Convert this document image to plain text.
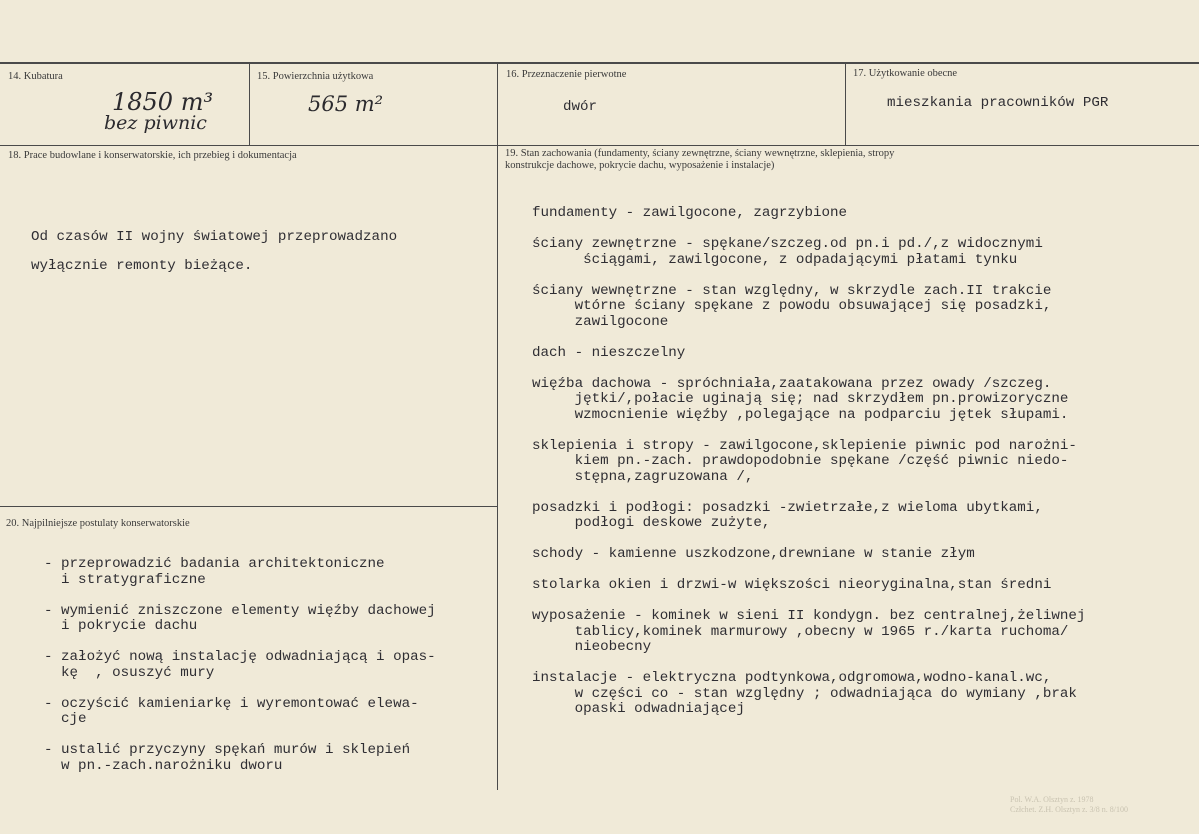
14. Kubatura
1850 m³
bez piwnic
15. Powierzchnia użytkowa
565 m²
16. Przeznaczenie pierwotne
dwór
17. Użytkowanie obecne
mieszkania pracowników PGR
18. Prace budowlane i konserwatorskie, ich przebieg i dokumentacja
Od czasów II wojny światowej przeprowadzano
wyłącznie remonty bieżące.
19. Stan zachowania (fundamenty, ściany zewnętrzne, ściany wewnętrzne, sklepienia, stropy
konstrukcje dachowe, pokrycie dachu, wyposażenie i instalacje)
fundamenty - zawilgocone, zagrzybione

ściany zewnętrzne - spękane/szczeg.od pn.i pd./,z widocznymi
ściągami, zawilgocone, z odpadającymi płatami tynku

ściany wewnętrzne - stan względny, w skrzydle zach.II trakcie
wtórne ściany spękane z powodu obsuwającej się posadzki,
zawilgocone

dach - nieszczelny

więźba dachowa - spróchniała,zaatakowana przez owady /szczeg.
jętki/,połacie uginają się; nad skrzydłem pn.prowizoryczne
wzmocnienie więźby ,polegające na podparciu jętek słupami.

sklepienia i stropy - zawilgocone,sklepienie piwnic pod narożni-
kiem pn.-zach. prawdopodobnie spękane /część piwnic niedo-
stępna,zagruzowana /,

posadzki i podłogi: posadzki -zwietrzałe,z wieloma ubytkami,
podłogi deskowe zużyte,

schody - kamienne uszkodzone,drewniane w stanie złym

stolarka okien i drzwi-w większości nieoryginalna,stan średni

wyposażenie - kominek w sieni II kondygn. bez centralnej,żeliwnej
tablicy,kominek marmurowy ,obecny w 1965 r./karta ruchoma/
nieobecny

instalacje - elektryczna podtynkowa,odgromowa,wodno-kanal.wc,
w części co - stan względny ; odwadniająca do wymiany ,brak
opaski odwadniającej
20. Najpilniejsze postulaty konserwatorskie
- przeprowadzić badania architektoniczne
i stratygraficzne

- wymienić zniszczone elementy więźby dachowej
i pokrycie dachu

- założyć nową instalację odwadniającą i opas-
kę  , osuszyć mury

- oczyścić kamieniarkę i wyremontować elewa-
cje

- ustalić przyczyny spękań murów i sklepień
w pn.-zach.narożniku dworu
Pol. W.A. Olsztyn z. 1978
Człchet. Z.H. Olsztyn z. 3/8 n. 8/100
